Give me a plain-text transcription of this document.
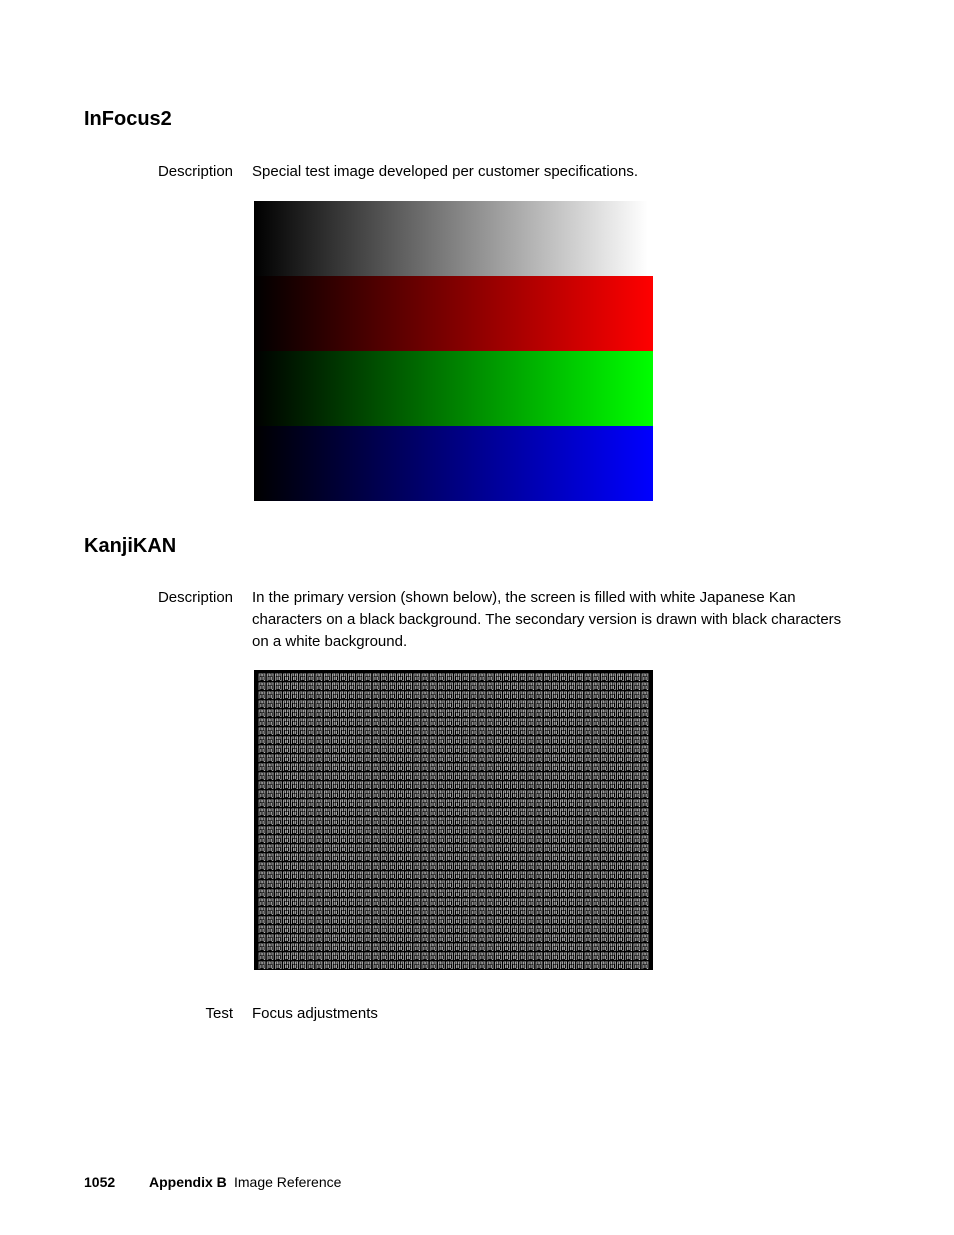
InFocus2
Description Special test image developed per customer specifications.
KanjiKAN
Description In the primary version (shown below), the screen is filled with white Japanese Kan
characters on a black background. The secondary version is drawn with black characters
on a white background.
間間間間間間間間間間間間間間間間間間間間間間間間間間間間間間間間間間間間間間間間間間間間間間間間間間間間間間間間間間間間間間間間間間間間間間間間間間間間間間間間間間間間間間間間間間間間間間間間間間間間間間間間間間間間間間間間間間間間間間間間間間間間間間間間間間間間間間間間間間間間間間間間間間間間間間間間間間間間間間間間間間間間間間間間間間間間間間間間間間間間間間間間間間間間間間間間間間間間間間間間間間間間間間間間間間間間間間間間間間間間間間間間間間間間間間間間間間間間間間間間間間間間間間間間間間間間間間間間間間間間間間間間間間間間間間間間間間間間間間間間間間間間間間間間間間間間間間間間間間間間間間間間間間間間間間間間間間間間間間間間間間間間間間間間間間間間間間間間間間間間間間間間間間間間間間間間間間間間間間間間間間間間間間間間間間間間間間間間間間間間間間間間間間間間間間間間間間間間間間間間間間間間間間間間間間間間間間間間間間間間間間間間間間間間間間間間間間間間間間間間間間間間間間間間間間間間間間間間間間間間間間間間間間間間間間間間間間間間間間間間間間間間間間間間間間間間間間間間間間間間間間間間間間間間間間間間間間間間間間間間間間間間間間間間間間間間間間間間間間間間間間間間間間間間間間間間間間間間間間間間間間間間間間間間間間間間間間間間間間間間間間間間間間間間間間間間間間間間間間間間間間間間間間間間間間間間間間間間間間間間間間間間間間間間間間間間間間間間間間間間間間間間間間間間間間間間間間間間間間間間間間間間間間間間間間間間間間間間間間間間間間間間間間間間間間間間間間間間間間間間間間間間間間間間間間間間間間間間間間間間間間間間間間間間間間間間間間間間間間間間間間間間間間間間間間間間間間間間間間間間間間間間間間間間間間間間間間間間間間間間間間間間間間間間間間間間間間間間間間間間間間間間間間間間間間間間間間間間間間間間間間間間間間間間間間間間間間間間間間間間間間間間間間間間間間間間間間間間間間間間間間間間間間間間間間間間間間間間間間間間間間間間間間間間間間間間間間間間間間間間間間間間間間間間間間間間間間間間間間間間間間間間間間間間間間間間間間間間間間間間間間間間間間間間間間間間間間間間間間間間間間間間間間間間間間間間間間間間間間間間間間間間間間間間間間間間間間間間間間間間間間間間間間間間間間間間間間間間間間間間間間間間間間間間間間間間間間間間間間間間間間間間間間間間間間間間間間間間間間間間間間間間間間間間間間間間間間間間間間間間間間間間間間間間間間間間間間間間間間間間間間間間間間間間間間間間間間間間間間間間間間間間間間間間間間間間間間間間間間間間間間間間間間間間間間間間間間間間間間間間間間間間間間間間間間間間間間間間間間間間間間間間間間間間間間間間間間間間間間間間間間間間間間間間間間間間間間間間間間間間間間間間間間間間間間間間間間間間間間間間間間間間間間間間間間間間間間間間間間間間間間間間間間間間間間間間間間間間間間間間間間間間間間間間間間間間間間間間間間間間間間間間間間間間間間間間間間間間間間間間間間間間間間間間間間間間間間間間間間間間間間間間間間間間間間間間間間間間間間間間間間間間間間間間間間間間間間間間間間間間間間間間間間間間間間間間間間間間間間間間間間間間間間間間間間間間間間間間間間間間間間間間間間間間間間間間間間間間間間間間間間間間間間間間間間間間間間間間間間間間間間間間間間間間間間間間間間間間間間間間間間間間間間間間間間間間間間間間間間間間間間間間間間間間間間間間間間間間間間間間間間間間間間間間間間間間間間間間間間間間間間間間間間間間間間間間間間間間間間間間間間間間間間間間間間間間間間間間間間間間間間間間間間間間間間間間間間間間間間間間間間間間間間間間間間間間間間間間間
Test Focus adjustments
1052 Appendix B Image Reference
